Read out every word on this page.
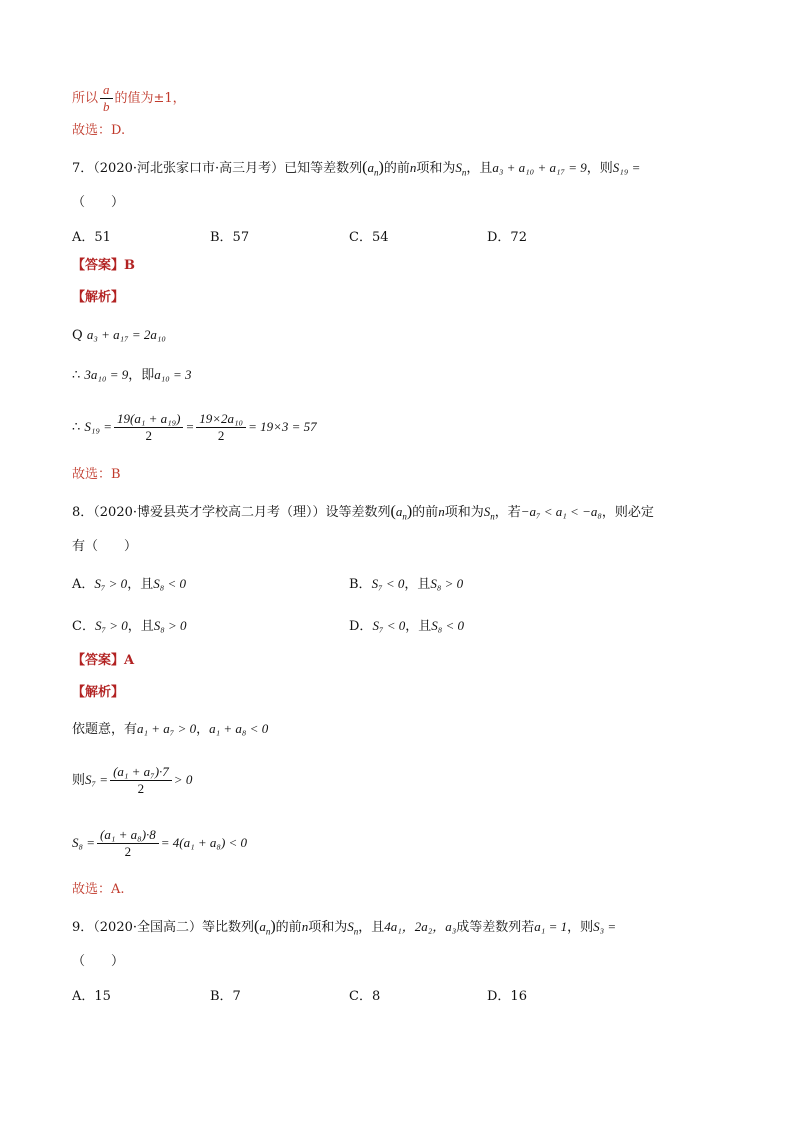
所以 $\frac{a}{b}$ 的值为±1，
故选：D.
7．（2020·河北张家口市·高三月考）已知等差数列$(a_n)$的前n项和为$S_n$，且a₃ + a₁₀ + a₁₇ = 9，则S₁₉ =
（　　）
A．51	B．57	C．54	D．72
【答案】B
【解析】
Q a₃ + a₁₇ = 2a₁₀
∴ 3a₁₀ = 9，即a₁₀ = 3
∴ $S_{19} = \frac{\text{19(a₁ + a₁₉)}}{2} = \frac{\text{19×2a₁₀}}{2} = 19\times 3 = 57$
故选：B
8．（2020·博爱县英才学校高二月考（理））设等差数列$(a_n)$的前n项和为$S_n$，若−a₇ < a₁ < −a₈，则必定
有（　　）
A．S₇ > 0，且S₈ < 0	B．S₇ < 0，且S₈ > 0
C．S₇ > 0，且S₈ > 0	D．S₇ < 0，且S₈ < 0
【答案】A
【解析】
依题意，有a₁ + a₇ > 0，a₁ + a₈ < 0
则$S_7 = \frac{\text{(a₁ + a₇)·7}}{2} > 0$
$S_8 = \frac{\text{(a₁ + a₈)·8}}{2} = 4(a_1 + a_8) < 0$
故选：A.
9．（2020·全国高二）等比数列$(a_n)$的前n项和为$S_n$，且4a₁，2a₂，a₃成等差数列若a₁ = 1，则S₃ =
（　　）
A．15	B．7	C．8	D．16
